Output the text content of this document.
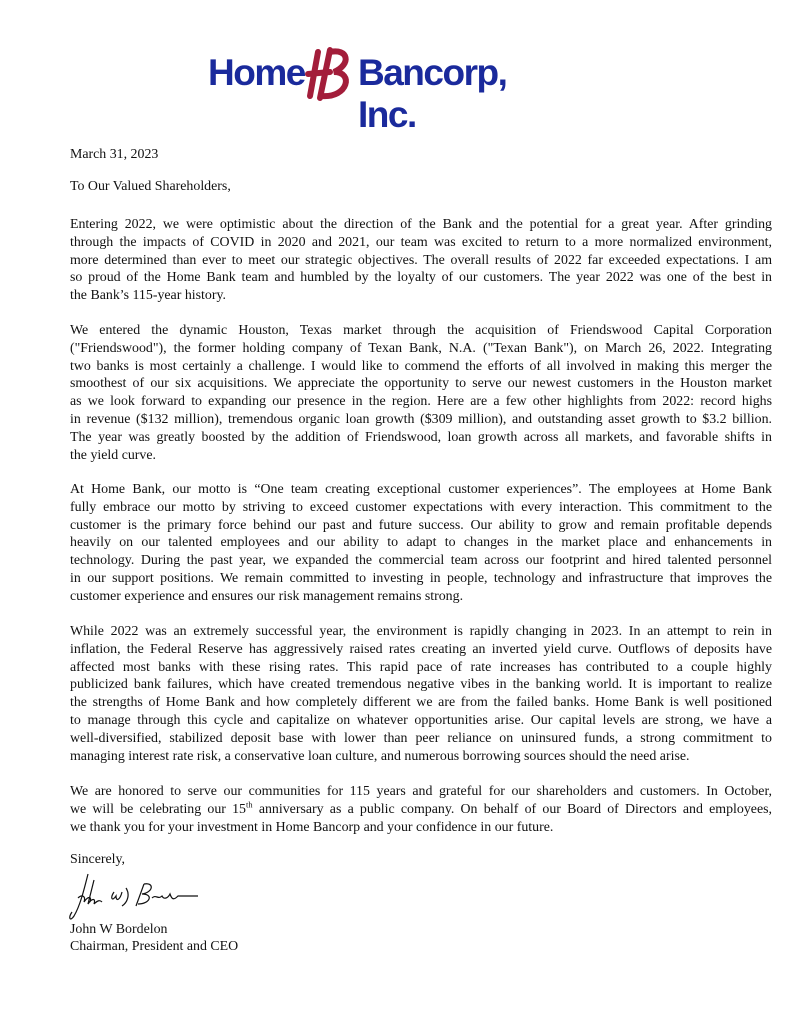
Home Bancorp, Inc.
March 31, 2023
To Our Valued Shareholders,
Entering 2022, we were optimistic about the direction of the Bank and the potential for a great year. After grinding
through the impacts of COVID in 2020 and 2021, our team was excited to return to a more normalized environment,
more determined than ever to meet our strategic objectives. The overall results of 2022 far exceeded expectations. I am
so proud of the Home Bank team and humbled by the loyalty of our customers. The year 2022 was one of the best in
the Bank’s 115-year history.
We entered the dynamic Houston, Texas market through the acquisition of Friendswood Capital Corporation
("Friendswood"), the former holding company of Texan Bank, N.A. ("Texan Bank"), on March 26, 2022. Integrating
two banks is most certainly a challenge. I would like to commend the efforts of all involved in making this merger the
smoothest of our six acquisitions. We appreciate the opportunity to serve our newest customers in the Houston market
as we look forward to expanding our presence in the region. Here are a few other highlights from 2022: record highs
in revenue ($132 million), tremendous organic loan growth ($309 million), and outstanding asset growth to $3.2 billion.
The year was greatly boosted by the addition of Friendswood, loan growth across all markets, and favorable shifts in
the yield curve.
At Home Bank, our motto is “One team creating exceptional customer experiences”. The employees at Home Bank
fully embrace our motto by striving to exceed customer expectations with every interaction. This commitment to the
customer is the primary force behind our past and future success. Our ability to grow and remain profitable depends
heavily on our talented employees and our ability to adapt to changes in the market place and enhancements in
technology. During the past year, we expanded the commercial team across our footprint and hired talented personnel
in our support positions. We remain committed to investing in people, technology and infrastructure that improves the
customer experience and ensures our risk management remains strong.
While 2022 was an extremely successful year, the environment is rapidly changing in 2023. In an attempt to rein in
inflation, the Federal Reserve has aggressively raised rates creating an inverted yield curve. Outflows of deposits have
affected most banks with these rising rates. This rapid pace of rate increases has contributed to a couple highly
publicized bank failures, which have created tremendous negative vibes in the banking world. It is important to realize
the strengths of Home Bank and how completely different we are from the failed banks. Home Bank is well positioned
to manage through this cycle and capitalize on whatever opportunities arise. Our capital levels are strong, we have a
well-diversified, stabilized deposit base with lower than peer reliance on uninsured funds, a strong commitment to
managing interest rate risk, a conservative loan culture, and numerous borrowing sources should the need arise.
We are honored to serve our communities for 115 years and grateful for our shareholders and customers. In October,
we will be celebrating our 15th anniversary as a public company. On behalf of our Board of Directors and employees,
we thank you for your investment in Home Bancorp and your confidence in our future.
Sincerely,
John W Bordelon
Chairman, President and CEO
